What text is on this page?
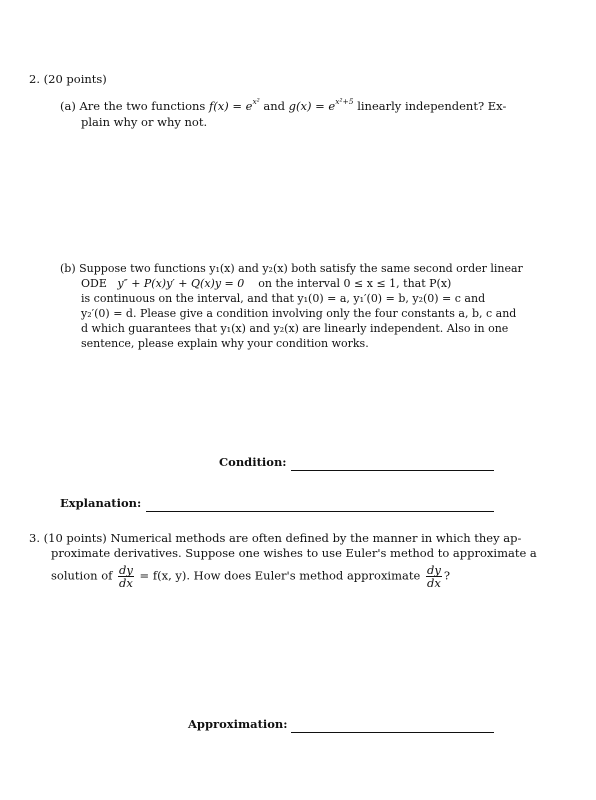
2. (20 points)
(a) Are the two functions $f(x) = e^{x^2}$ and $g(x) = e^{x^2+5}$ linearly independent? Ex-
plain why or why not.
(b) Suppose two functions y₁(x) and y₂(x) both satisfy the same second order linear
ODE y″ + P(x)y′ + Q(x)y = 0 on the interval 0 ≤ x ≤ 1, that P(x)
is continuous on the interval, and that y₁(0) = a, y₁′(0) = b, y₂(0) = c and
y₂′(0) = d. Please give a condition involving only the four constants a, b, c and
d which guarantees that y₁(x) and y₂(x) are linearly independent. Also in one
sentence, please explain why your condition works.
Condition:
Explanation:
3. (10 points) Numerical methods are often defined by the manner in which they ap-
proximate derivatives. Suppose one wishes to use Euler's method to approximate a
solution of $\frac{dy}{dx} = f(x$, y). How does Euler's method approximate $\frac{dy}{dx}$ ?
Approximation:
